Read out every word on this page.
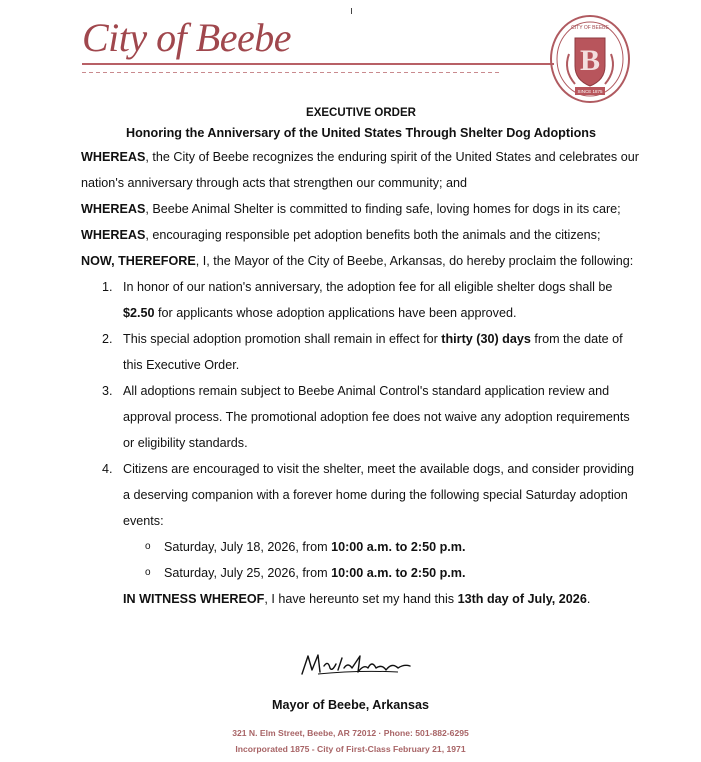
City of Beebe	CITY OF BEEBE
B
SINCE 1875

EXECUTIVE ORDER

Honoring the Anniversary of the United States Through Shelter Dog Adoptions

WHEREAS, the City of Beebe recognizes the enduring spirit of the United States and celebrates our nation's anniversary through acts that strengthen our community; and

WHEREAS, Beebe Animal Shelter is committed to finding safe, loving homes for dogs in its care;

WHEREAS, encouraging responsible pet adoption benefits both the animals and the citizens;

NOW, THEREFORE, I, the Mayor of the City of Beebe, Arkansas, do hereby proclaim the following:

1. In honor of our nation's anniversary, the adoption fee for all eligible shelter dogs shall be $2.50 for applicants whose adoption applications have been approved.
2. This special adoption promotion shall remain in effect for thirty (30) days from the date of this Executive Order.
3. All adoptions remain subject to Beebe Animal Control's standard application review and approval process. The promotional adoption fee does not waive any adoption requirements or eligibility standards.
4. Citizens are encouraged to visit the shelter, meet the available dogs, and consider providing a deserving companion with a forever home during the following special Saturday adoption events:
o Saturday, July 18, 2026, from 10:00 a.m. to 2:50 p.m.
o Saturday, July 25, 2026, from 10:00 a.m. to 2:50 p.m.

IN WITNESS WHEREOF, I have hereunto set my hand this 13th day of July, 2026.

Mayor of Beebe, Arkansas
321 N. Elm Street, Beebe, AR 72012 · Phone: 501-882-6295
Incorporated 1875 - City of First-Class February 21, 1971
